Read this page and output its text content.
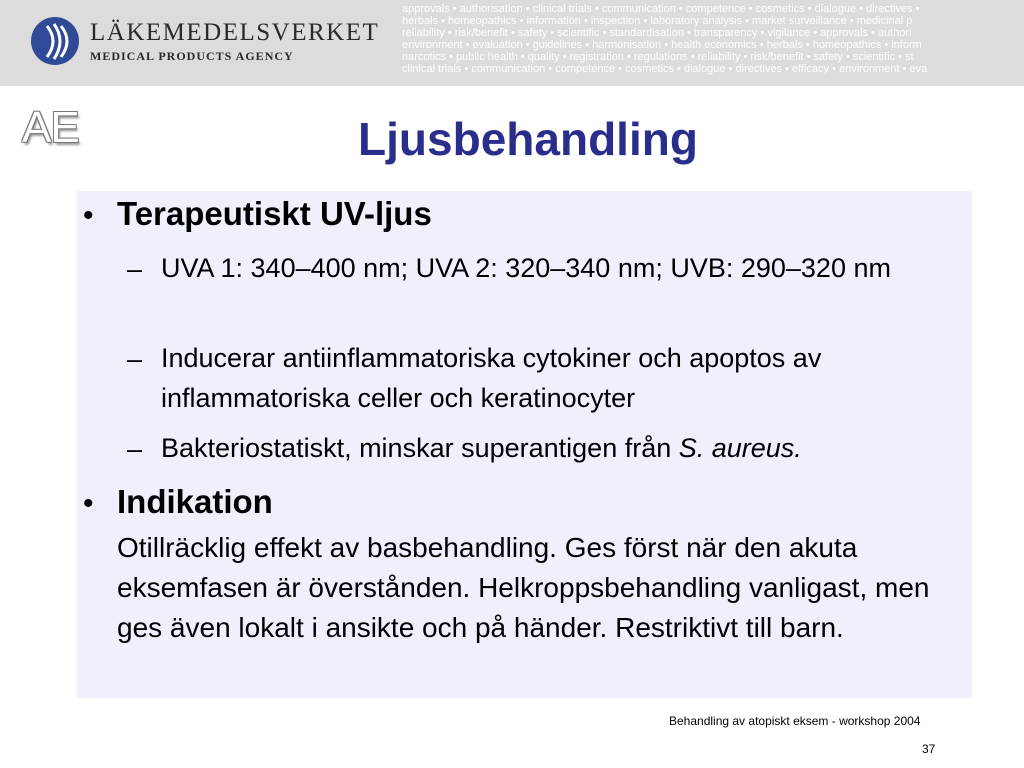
LÄKEMEDELSVERKET
MEDICAL PRODUCTS AGENCY
approvals • authorisation • clinical trials • communication • competence • cosmetics • dialogue • directives •
herbals • homeopathics • information • inspection • laboratory analysis • market surveillance • medicinal p
reliability • risk/benefit • safety • scientific • standardisation • transparency • vigilance • approvals • authori
environment • evaluation • guidelines • harmonisation • health economics • herbals • homeopathics • inform
narcotics • public health • quality • registration • regulations • reliability • risk/benefit • safety • scientific • st
clinical trials • communication • competence • cosmetics • dialogue • directives • efficacy • environment • eva
AE	Ljusbehandling
• Terapeutiskt UV-ljus
– UVA 1: 340–400 nm; UVA 2: 320–340 nm; UVB: 290–320 nm
– Inducerar antiinflammatoriska cytokiner och apoptos av inflammatoriska celler och keratinocyter
– Bakteriostatiskt, minskar superantigen från S. aureus.
• Indikation
Otillräcklig effekt av basbehandling. Ges först när den akuta eksemfasen är överstånden. Helkroppsbehandling vanligast, men ges även lokalt i ansikte och på händer. Restriktivt till barn.
Behandling av atopiskt eksem - workshop 2004
37
